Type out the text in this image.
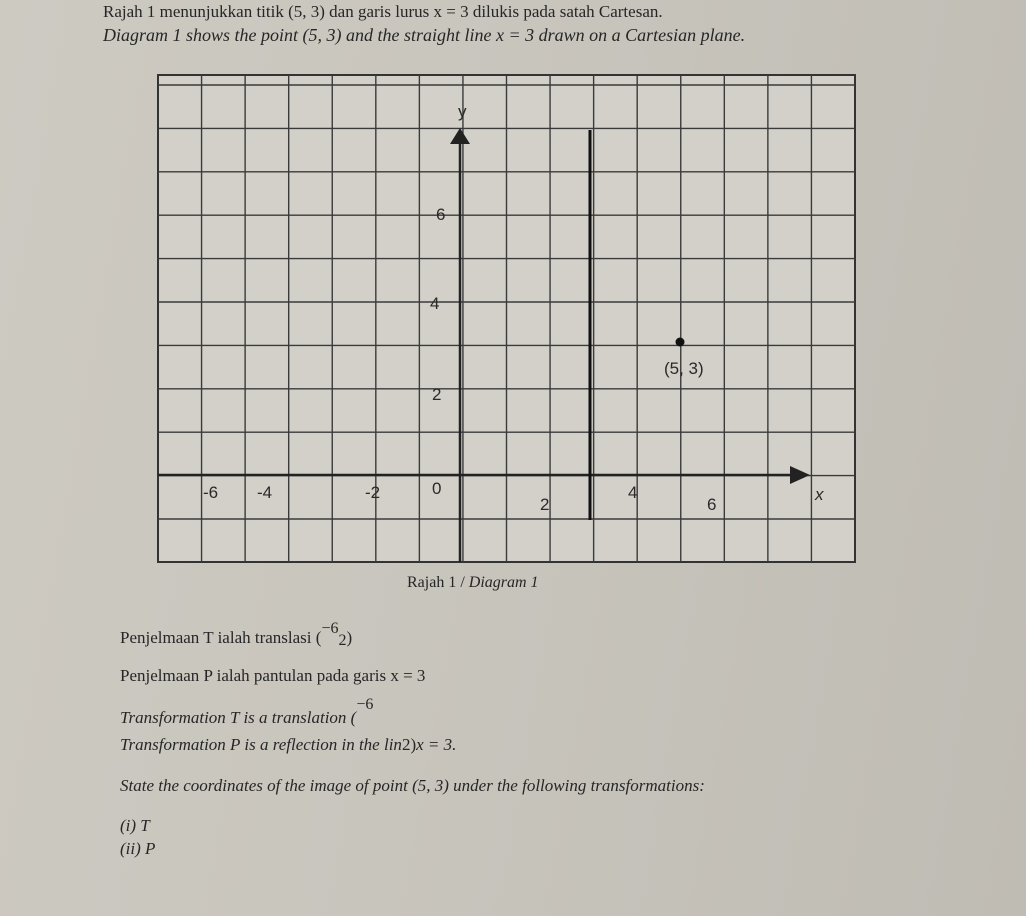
Rajah 1 menunjukkan titik (5, 3) dan garis lurus x = 3 dilukis pada satah Cartesan.
Diagram 1 shows the point (5, 3) and the straight line x = 3 drawn on a Cartesian plane.
(5, 3)
y
x
-6 -4	-2	0
2
4
6
6
4
2
Rajah 1 / Diagram 1
Penjelmaan T ialah translasi (−62)
Penjelmaan P ialah pantulan pada garis x = 3
Transformation T is a translation (−6
Transformation P is a reflection in the lin2)x = 3.
State the coordinates of the image of point (5, 3) under the following transformations:
(i) T
(ii) P
